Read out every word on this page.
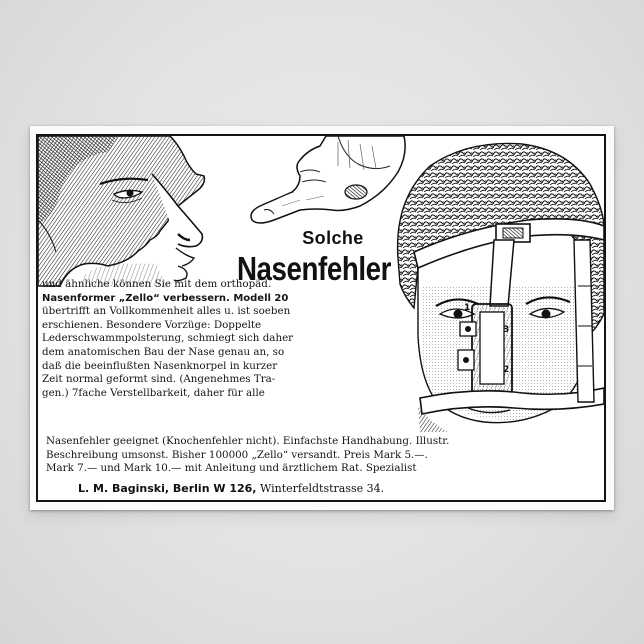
1
3
2
Solche
Nasenfehler
und ähnliche können Sie mit dem orthopäd.
Nasenformer „Zello“ verbessern. Modell 20
übertrifft an Vollkommenheit alles u. ist soeben
erschienen. Besondere Vorzüge: Doppelte
Lederschwammpolsterung, schmiegt sich daher
dem anatomischen Bau der Nase genau an, so
daß die beeinflußten Nasenknorpel in kurzer
Zeit normal geformt sind. (Angenehmes Tra-
gen.) 7fache Verstellbarkeit, daher für alle
Nasenfehler geeignet (Knochenfehler nicht). Einfachste Handhabung. Illustr.
Beschreibung umsonst. Bisher 100000 „Zello“ versandt. Preis Mark 5.—.
Mark 7.— und Mark 10.— mit Anleitung und ärztlichem Rat. Spezialist
L. M. Baginski, Berlin W 126, Winterfeldtstrasse 34.
